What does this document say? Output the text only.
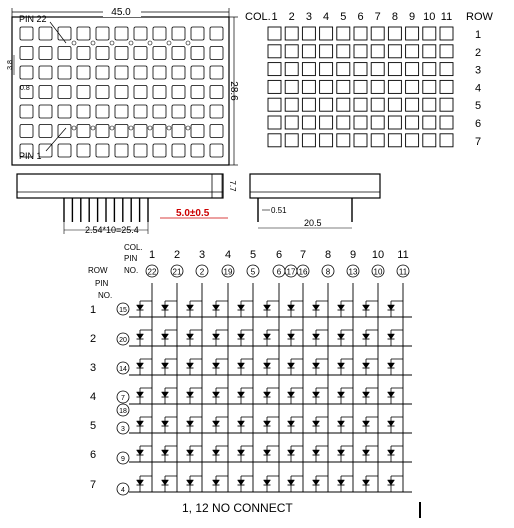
45.0
28.6
3.8
0.8
PIN 22
PIN 1
COL.	ROW
1 2 3 4 5 6 7 8 9 10 11
1
2
3
4
5
6
7
7.7
5.0±0.5
2.54*10=25.4
0.51
20.5
COL.
PIN
NO.
ROW
PIN
NO.
1 2 3 4 5 6 7 8 9 10 11
22 21 2 19 5	6 17 16 8 13 10 11
1
2
3
4
5
6
7
15
20
14
7
18
3
9
4
1, 12 NO CONNECT
